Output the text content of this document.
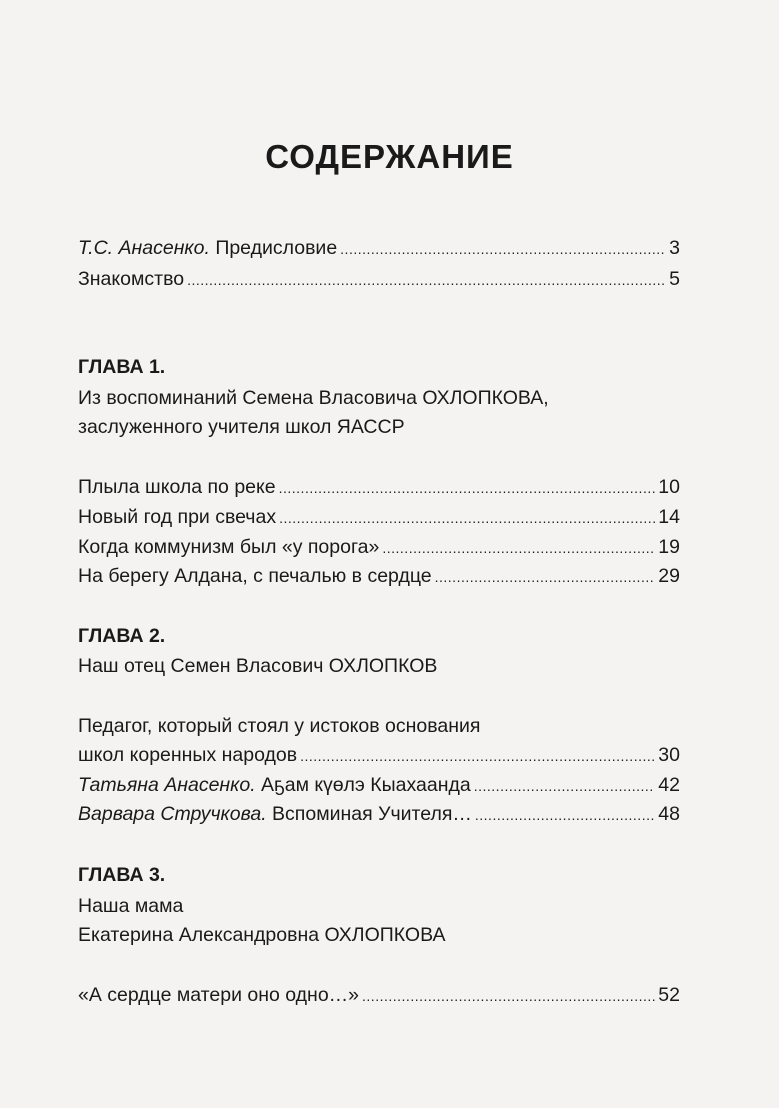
СОДЕРЖАНИЕ
Т.С. Анасенко. Предисловие .....	3
Знакомство .....	5
ГЛАВА 1.
Из воспоминаний Семена Власовича ОХЛОПКОВА,
заслуженного учителя школ ЯАССР
Плыла школа по реке .....	10
Новый год при свечах .....	14
Когда коммунизм был «у порога» .....	19
На берегу Алдана, с печалью в сердце .....	29
ГЛАВА 2.
Наш отец Семен Власович ОХЛОПКОВ
Педагог, который стоял у истоков основания
школ коренных народов .....	30
Татьяна Анасенко. Аҕам күөлэ Кыахаанда .....	42
Варвара Стручкова. Вспоминая Учителя… .....	48
ГЛАВА 3.
Наша мама
Екатерина Александровна ОХЛОПКОВА
«А сердце матери оно одно…» .....	52
